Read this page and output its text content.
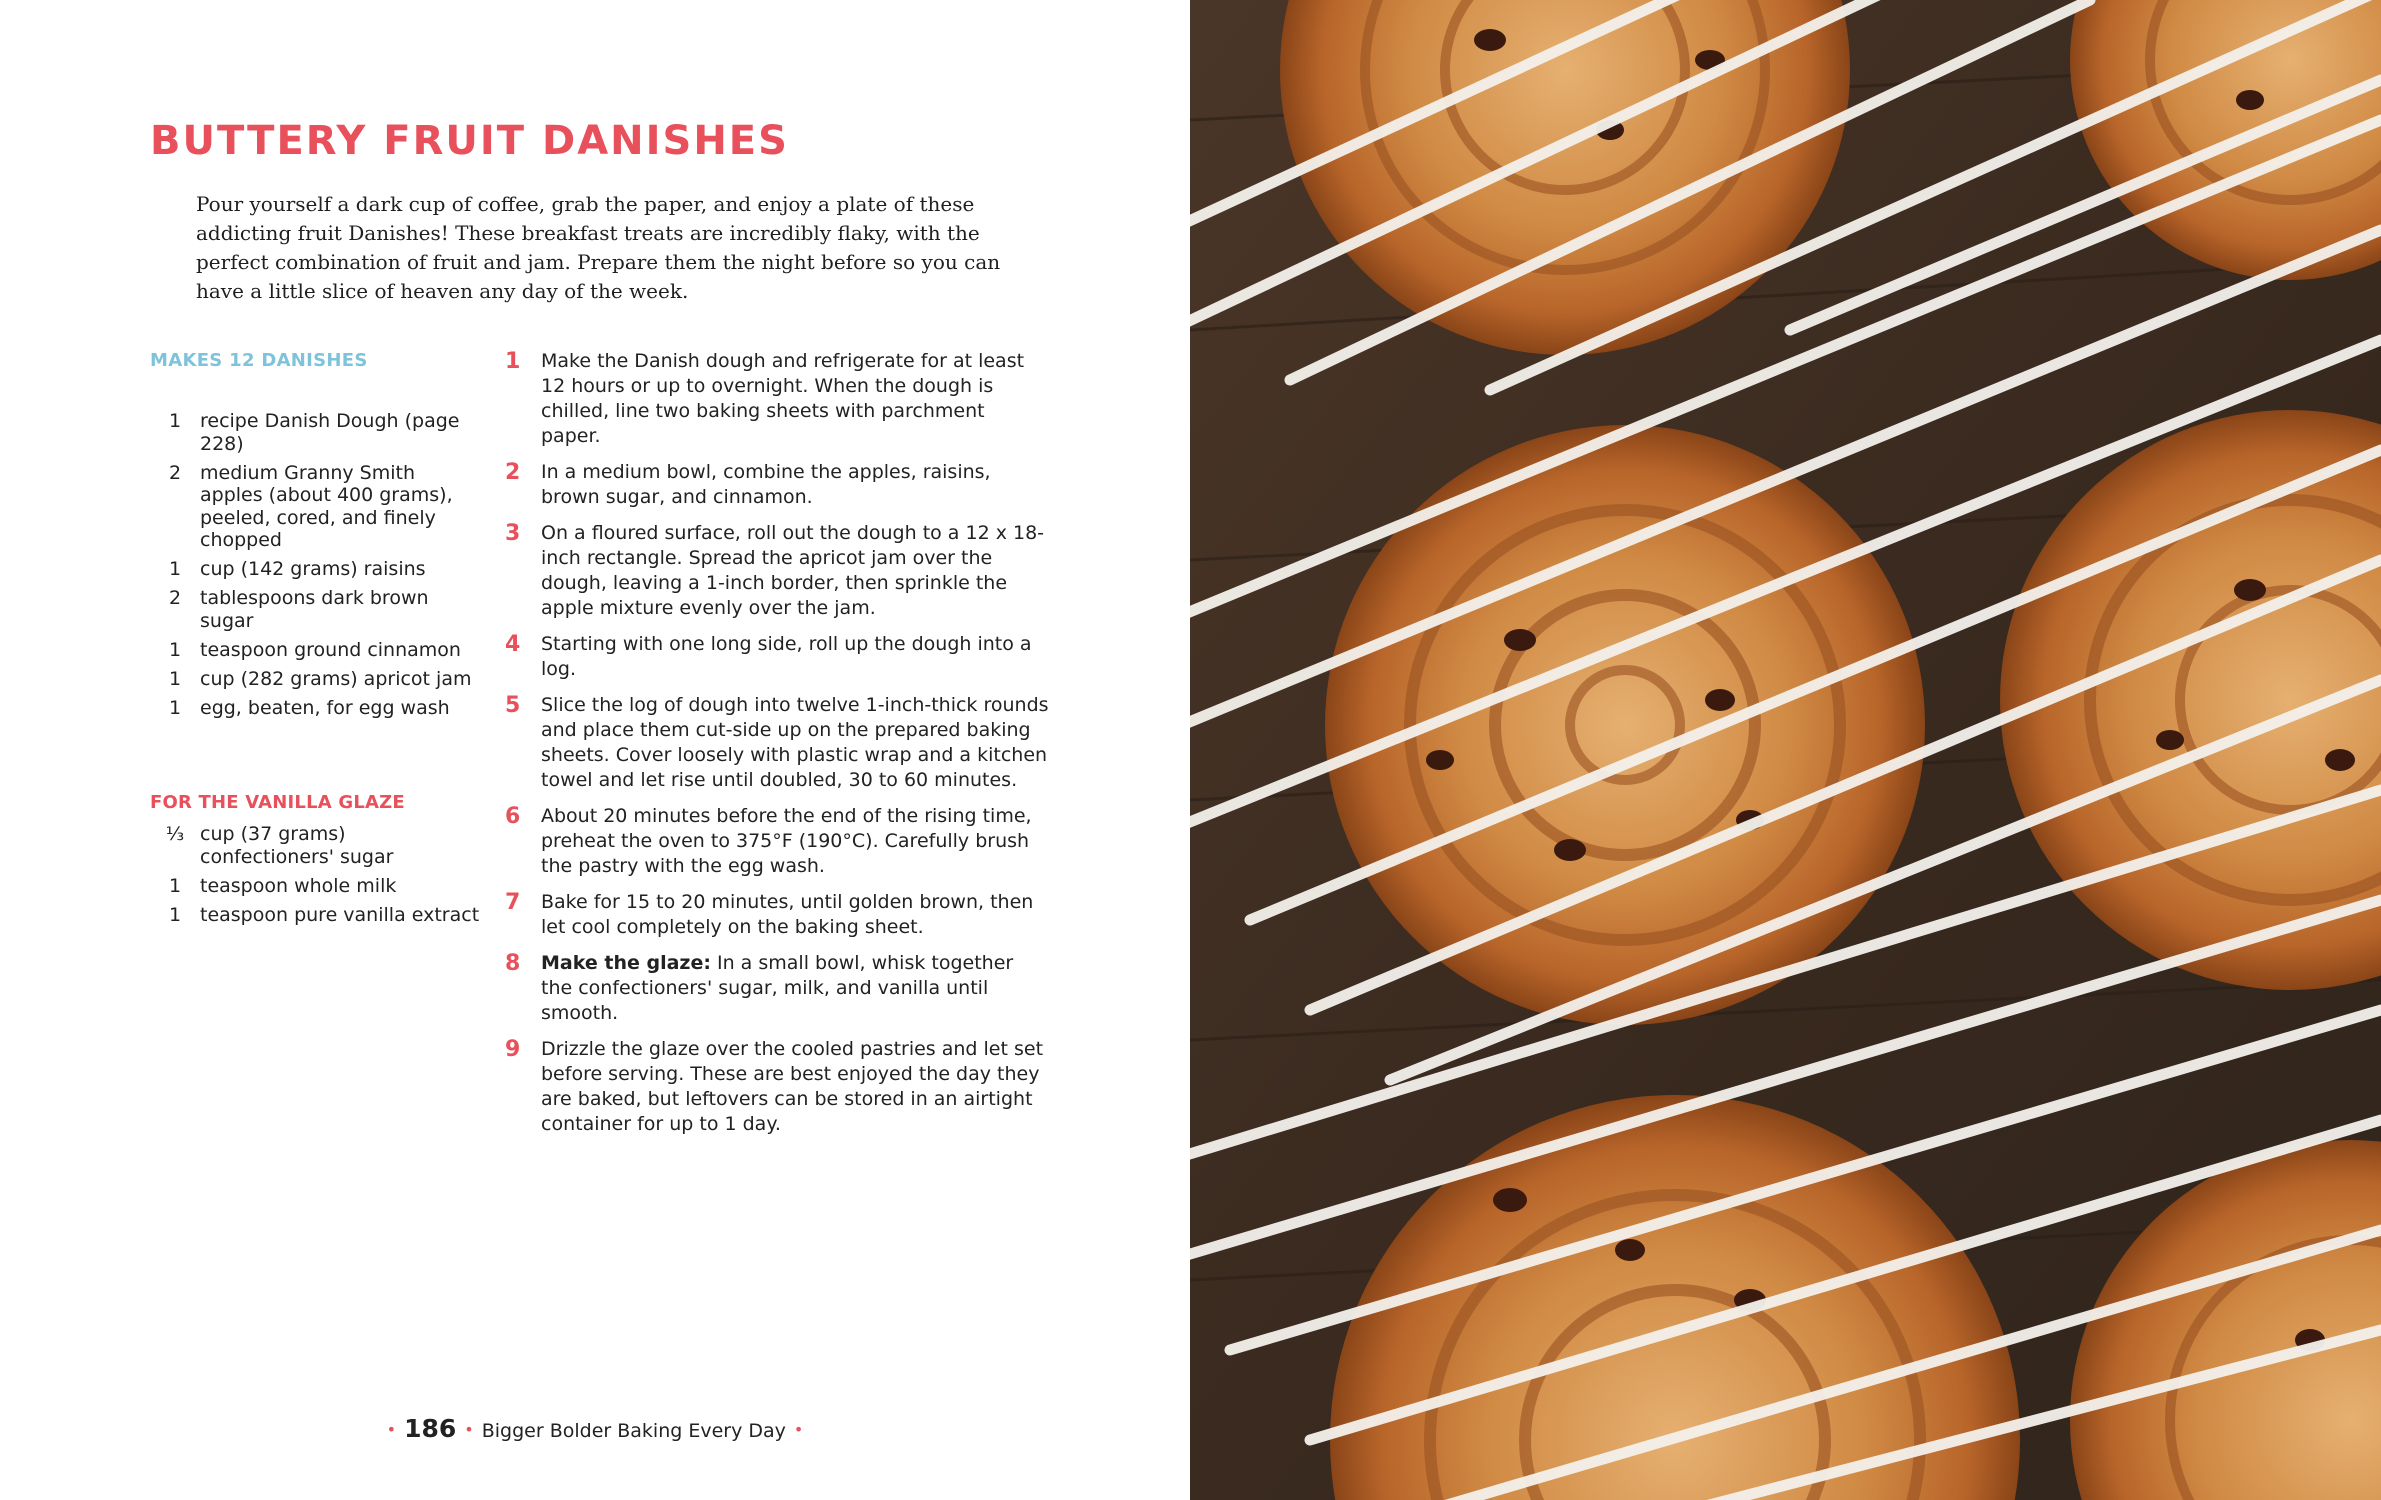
BUTTERY FRUIT DANISHES
Pour yourself a dark cup of coffee, grab the paper, and enjoy a plate of these addicting fruit Danishes! These breakfast treats are incredibly flaky, with the perfect combination of fruit and jam. Prepare them the night before so you can have a little slice of heaven any day of the week.
MAKES 12 DANISHES
1 recipe Danish Dough (page 228)
2 medium Granny Smith apples (about 400 grams), peeled, cored, and finely chopped
1 cup (142 grams) raisins
2 tablespoons dark brown sugar
1 teaspoon ground cinnamon
1 cup (282 grams) apricot jam
1 egg, beaten, for egg wash
FOR THE VANILLA GLAZE
⅓ cup (37 grams) confectioners' sugar
1 teaspoon whole milk
1 teaspoon pure vanilla extract
1	Make the Danish dough and refrigerate for at least 12 hours or up to overnight. When the dough is chilled, line two baking sheets with parchment paper.
2	In a medium bowl, combine the apples, raisins, brown sugar, and cinnamon.
3	On a floured surface, roll out the dough to a 12 x 18-inch rectangle. Spread the apricot jam over the dough, leaving a 1-inch border, then sprinkle the apple mixture evenly over the jam.
4	Starting with one long side, roll up the dough into a log.
5	Slice the log of dough into twelve 1-inch-thick rounds and place them cut-side up on the prepared baking sheets. Cover loosely with plastic wrap and a kitchen towel and let rise until doubled, 30 to 60 minutes.
6	About 20 minutes before the end of the rising time, preheat the oven to 375°F (190°C). Carefully brush the pastry with the egg wash.
7	Bake for 15 to 20 minutes, until golden brown, then let cool completely on the baking sheet.
8	Make the glaze: In a small bowl, whisk together the confectioners' sugar, milk, and vanilla until smooth.
9	Drizzle the glaze over the cooled pastries and let set before serving. These are best enjoyed the day they are baked, but leftovers can be stored in an airtight container for up to 1 day.
• 186 • Bigger Bolder Baking Every Day •
